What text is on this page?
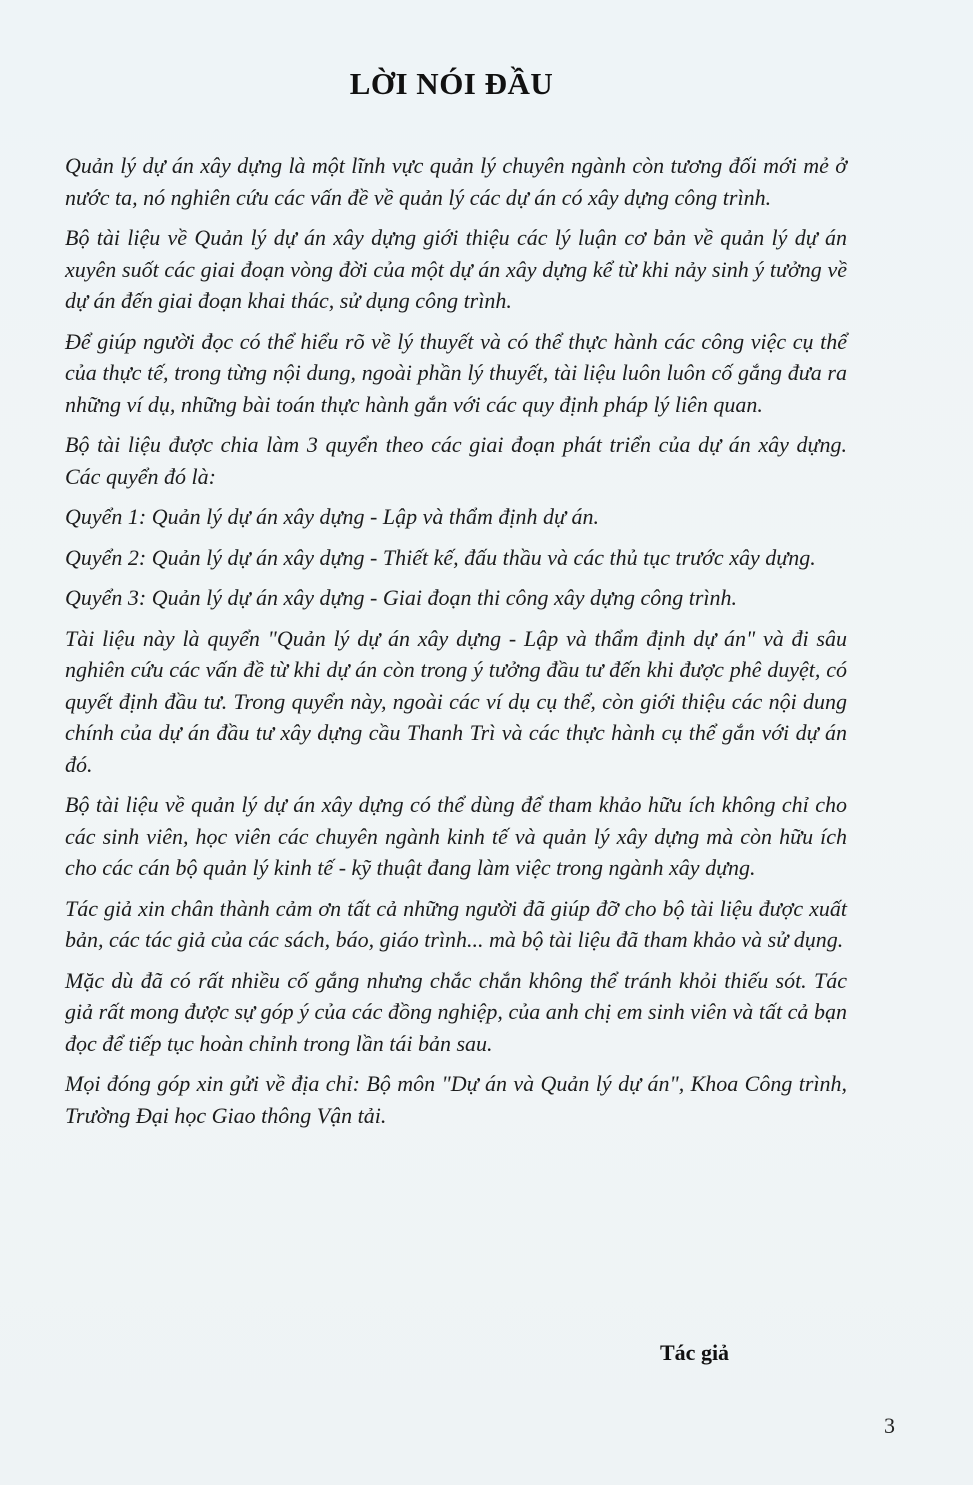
LỜI NÓI ĐẦU

Quản lý dự án xây dựng là một lĩnh vực quản lý chuyên ngành còn tương đối mới mẻ ở nước ta, nó nghiên cứu các vấn đề về quản lý các dự án có xây dựng công trình.

Bộ tài liệu về Quản lý dự án xây dựng giới thiệu các lý luận cơ bản về quản lý dự án xuyên suốt các giai đoạn vòng đời của một dự án xây dựng kể từ khi nảy sinh ý tưởng về dự án đến giai đoạn khai thác, sử dụng công trình.

Để giúp người đọc có thể hiểu rõ về lý thuyết và có thể thực hành các công việc cụ thể của thực tế, trong từng nội dung, ngoài phần lý thuyết, tài liệu luôn luôn cố gắng đưa ra những ví dụ, những bài toán thực hành gắn với các quy định pháp lý liên quan.

Bộ tài liệu được chia làm 3 quyển theo các giai đoạn phát triển của dự án xây dựng. Các quyển đó là:

Quyển 1: Quản lý dự án xây dựng - Lập và thẩm định dự án.

Quyển 2: Quản lý dự án xây dựng - Thiết kế, đấu thầu và các thủ tục trước xây dựng.

Quyển 3: Quản lý dự án xây dựng - Giai đoạn thi công xây dựng công trình.

Tài liệu này là quyển "Quản lý dự án xây dựng - Lập và thẩm định dự án" và đi sâu nghiên cứu các vấn đề từ khi dự án còn trong ý tưởng đầu tư đến khi được phê duyệt, có quyết định đầu tư. Trong quyển này, ngoài các ví dụ cụ thể, còn giới thiệu các nội dung chính của dự án đầu tư xây dựng cầu Thanh Trì và các thực hành cụ thể gắn với dự án đó.

Bộ tài liệu về quản lý dự án xây dựng có thể dùng để tham khảo hữu ích không chỉ cho các sinh viên, học viên các chuyên ngành kinh tế và quản lý xây dựng mà còn hữu ích cho các cán bộ quản lý kinh tế - kỹ thuật đang làm việc trong ngành xây dựng.

Tác giả xin chân thành cảm ơn tất cả những người đã giúp đỡ cho bộ tài liệu được xuất bản, các tác giả của các sách, báo, giáo trình... mà bộ tài liệu đã tham khảo và sử dụng.

Mặc dù đã có rất nhiều cố gắng nhưng chắc chắn không thể tránh khỏi thiếu sót. Tác giả rất mong được sự góp ý của các đồng nghiệp, của anh chị em sinh viên và tất cả bạn đọc để tiếp tục hoàn chỉnh trong lần tái bản sau.

Mọi đóng góp xin gửi về địa chỉ: Bộ môn "Dự án và Quản lý dự án", Khoa Công trình, Trường Đại học Giao thông Vận tải.

Tác giả
3
